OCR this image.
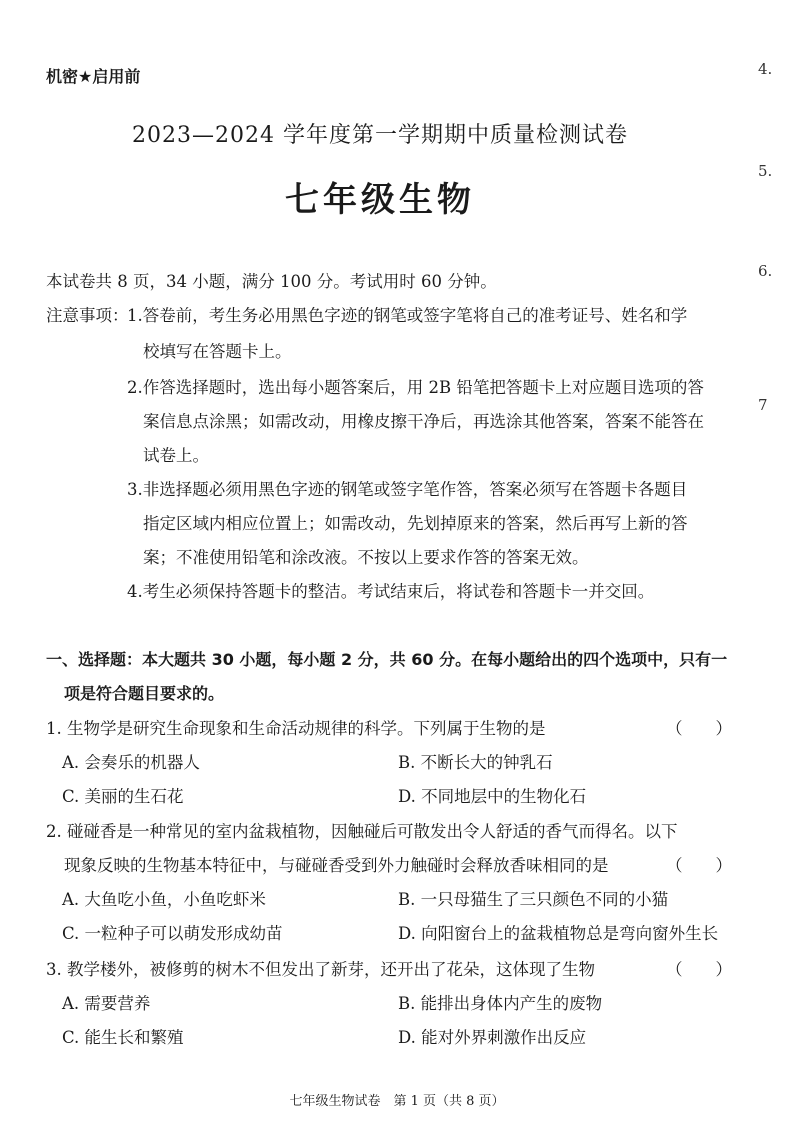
机密★启用前
2023—2024 学年度第一学期期中质量检测试卷
七年级生物
4.
5.
6.
7
本试卷共 8 页，34 小题，满分 100 分。考试用时 60 分钟。
注意事项：
1.答卷前，考生务必用黑色字迹的钢笔或签字笔将自己的准考证号、姓名和学
校填写在答题卡上。
2.作答选择题时，选出每小题答案后，用 2B 铅笔把答题卡上对应题目选项的答
案信息点涂黑；如需改动，用橡皮擦干净后，再选涂其他答案，答案不能答在
试卷上。
3.非选择题必须用黑色字迹的钢笔或签字笔作答，答案必须写在答题卡各题目
指定区域内相应位置上；如需改动，先划掉原来的答案，然后再写上新的答
案；不准使用铅笔和涂改液。不按以上要求作答的答案无效。
4.考生必须保持答题卡的整洁。考试结束后，将试卷和答题卡一并交回。
一、选择题：本大题共 30 小题，每小题 2 分，共 60 分。在每小题给出的四个选项中，只有一
项是符合题目要求的。
1. 生物学是研究生命现象和生命活动规律的科学。下列属于生物的是	（　　）
A. 会奏乐的机器人	B. 不断长大的钟乳石
C. 美丽的生石花	D. 不同地层中的生物化石
2. 碰碰香是一种常见的室内盆栽植物，因触碰后可散发出令人舒适的香气而得名。以下
现象反映的生物基本特征中，与碰碰香受到外力触碰时会释放香味相同的是	（　　）
A. 大鱼吃小鱼，小鱼吃虾米	B. 一只母猫生了三只颜色不同的小猫
C. 一粒种子可以萌发形成幼苗	D. 向阳窗台上的盆栽植物总是弯向窗外生长
3. 教学楼外，被修剪的树木不但发出了新芽，还开出了花朵，这体现了生物	（　　）
A. 需要营养	B. 能排出身体内产生的废物
C. 能生长和繁殖	D. 能对外界刺激作出反应
七年级生物试卷　第 1 页（共 8 页）
